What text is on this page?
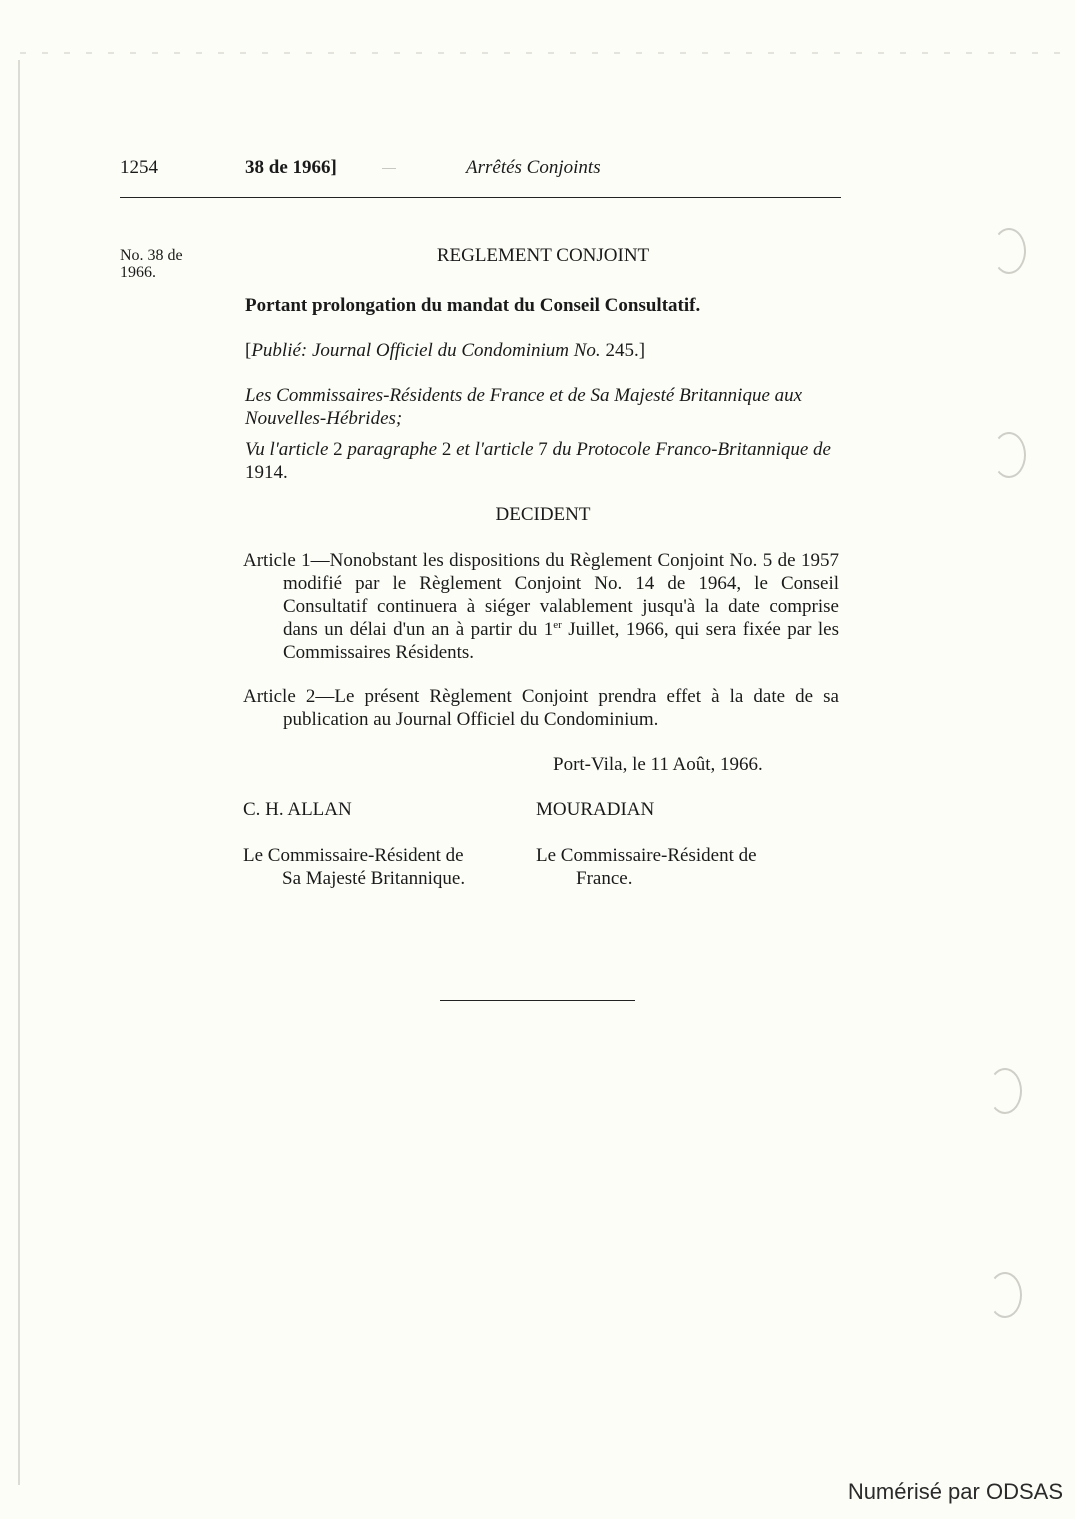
1254	38 de 1966]	Arrêtés Conjoints
No. 38 de
1966.
REGLEMENT CONJOINT
Portant prolongation du mandat du Conseil Consultatif.
[Publié: Journal Officiel du Condominium No. 245.]
Les Commissaires-Résidents de France et de Sa Majesté Britannique aux Nouvelles-Hébrides;
Vu l'article 2 paragraphe 2 et l'article 7 du Protocole Franco-Britannique de 1914.
DECIDENT
Article 1—Nonobstant les dispositions du Règlement Conjoint No. 5 de 1957 modifié par le Règlement Conjoint No. 14 de 1964, le Conseil Consultatif continuera à siéger valablement jusqu'à la date comprise dans un délai d'un an à partir du 1er Juillet, 1966, qui sera fixée par les Commissaires Résidents.
Article 2—Le présent Règlement Conjoint prendra effet à la date de sa publication au Journal Officiel du Condominium.
Port-Vila, le 11 Août, 1966.
C. H. ALLAN	MOURADIAN
Le Commissaire-Résident de
Sa Majesté Britannique.
Le Commissaire-Résident de
France.
Numérisé par ODSAS
